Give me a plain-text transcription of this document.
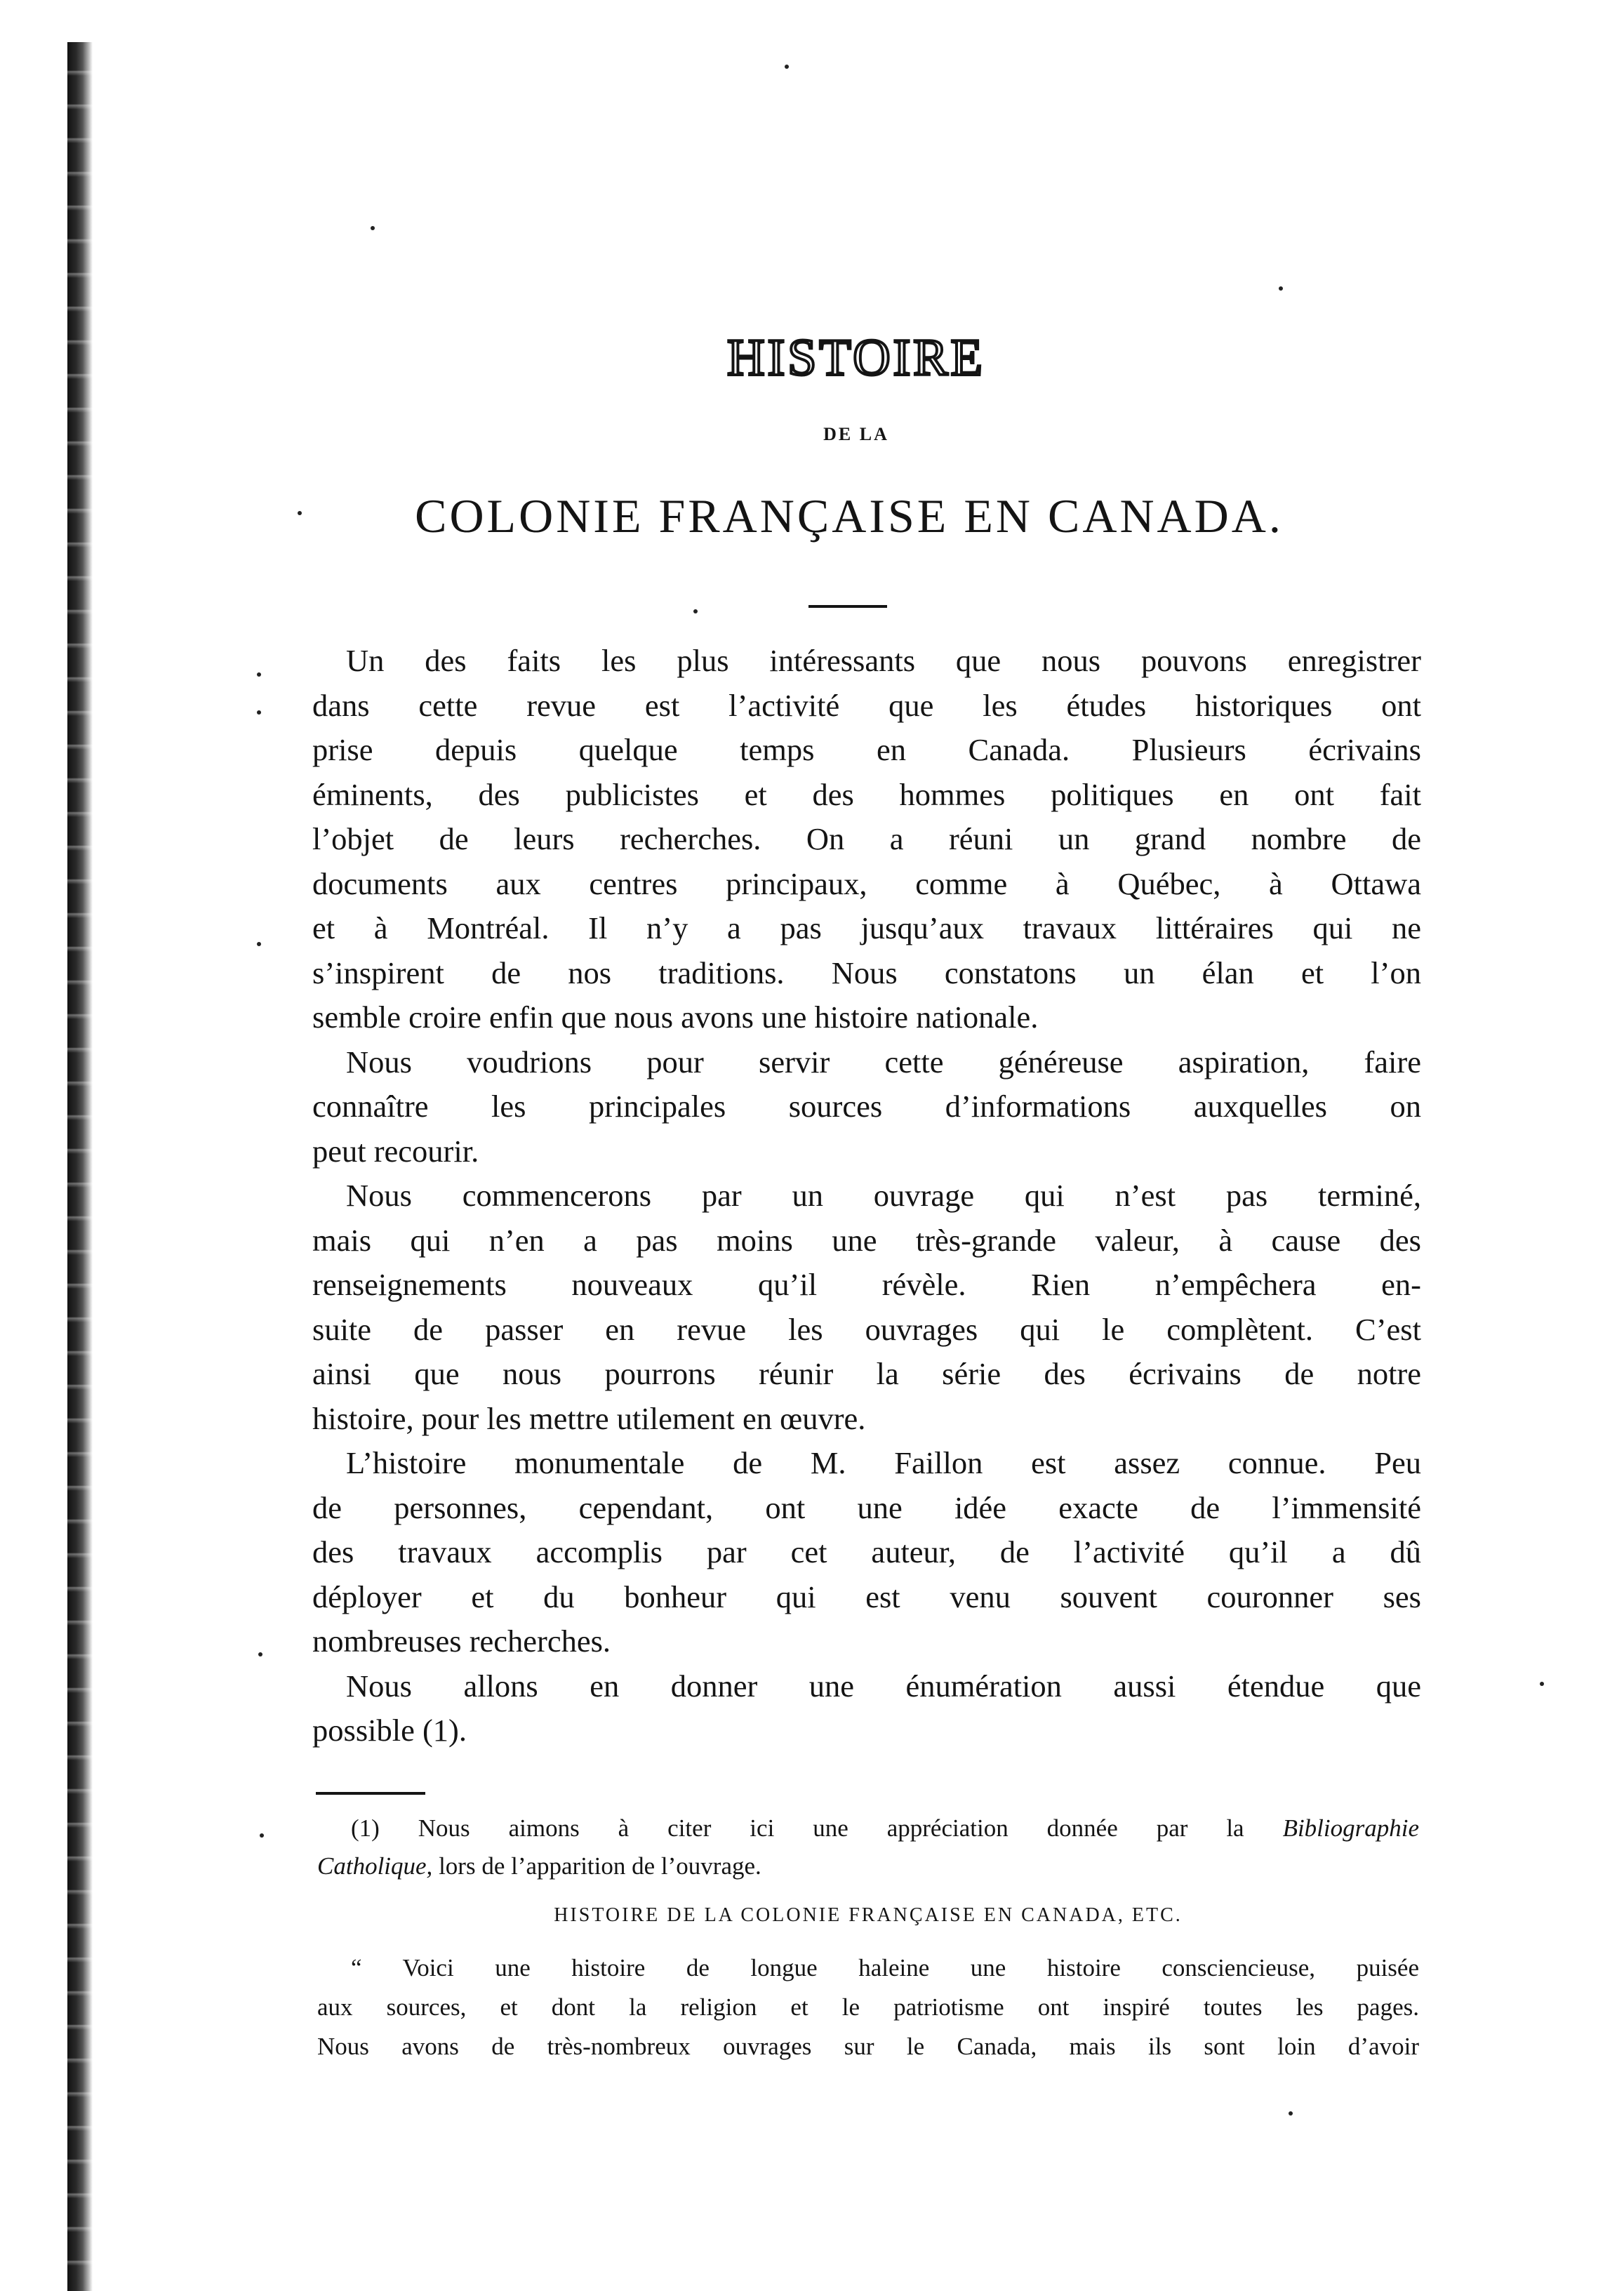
HISTOIRE
DE LA
COLONIE FRANÇAISE EN CANADA.

Un des faits les plus intéressants que nous pouvons enregistrer
dans cette revue est l’activité que les études historiques ont
prise depuis quelque temps en Canada. Plusieurs écrivains
éminents, des publicistes et des hommes politiques en ont fait
l’objet de leurs recherches. On a réuni un grand nombre de
documents aux centres principaux, comme à Québec, à Ottawa
et à Montréal. Il n’y a pas jusqu’aux travaux littéraires qui ne
s’inspirent de nos traditions. Nous constatons un élan et l’on
semble croire enfin que nous avons une histoire nationale.

Nous voudrions pour servir cette généreuse aspiration, faire
connaître les principales sources d’informations auxquelles on
peut recourir.

Nous commencerons par un ouvrage qui n’est pas terminé,
mais qui n’en a pas moins une très-grande valeur, à cause des
renseignements nouveaux qu’il révèle. Rien n’empêchera en-
suite de passer en revue les ouvrages qui le complètent. C’est
ainsi que nous pourrons réunir la série des écrivains de notre
histoire, pour les mettre utilement en œuvre.

L’histoire monumentale de M. Faillon est assez connue. Peu
de personnes, cependant, ont une idée exacte de l’immensité
des travaux accomplis par cet auteur, de l’activité qu’il a dû
déployer et du bonheur qui est venu souvent couronner ses
nombreuses recherches.

Nous allons en donner une énumération aussi étendue que
possible (1).

(1) Nous aimons à citer ici une appréciation donnée par la Bibliographie
Catholique, lors de l’apparition de l’ouvrage.
HISTOIRE DE LA COLONIE FRANÇAISE EN CANADA, ETC.
“ Voici une histoire de longue haleine une histoire consciencieuse, puisée
aux sources, et dont la religion et le patriotisme ont inspiré toutes les pages.
Nous avons de très-nombreux ouvrages sur le Canada, mais ils sont loin d’avoir
